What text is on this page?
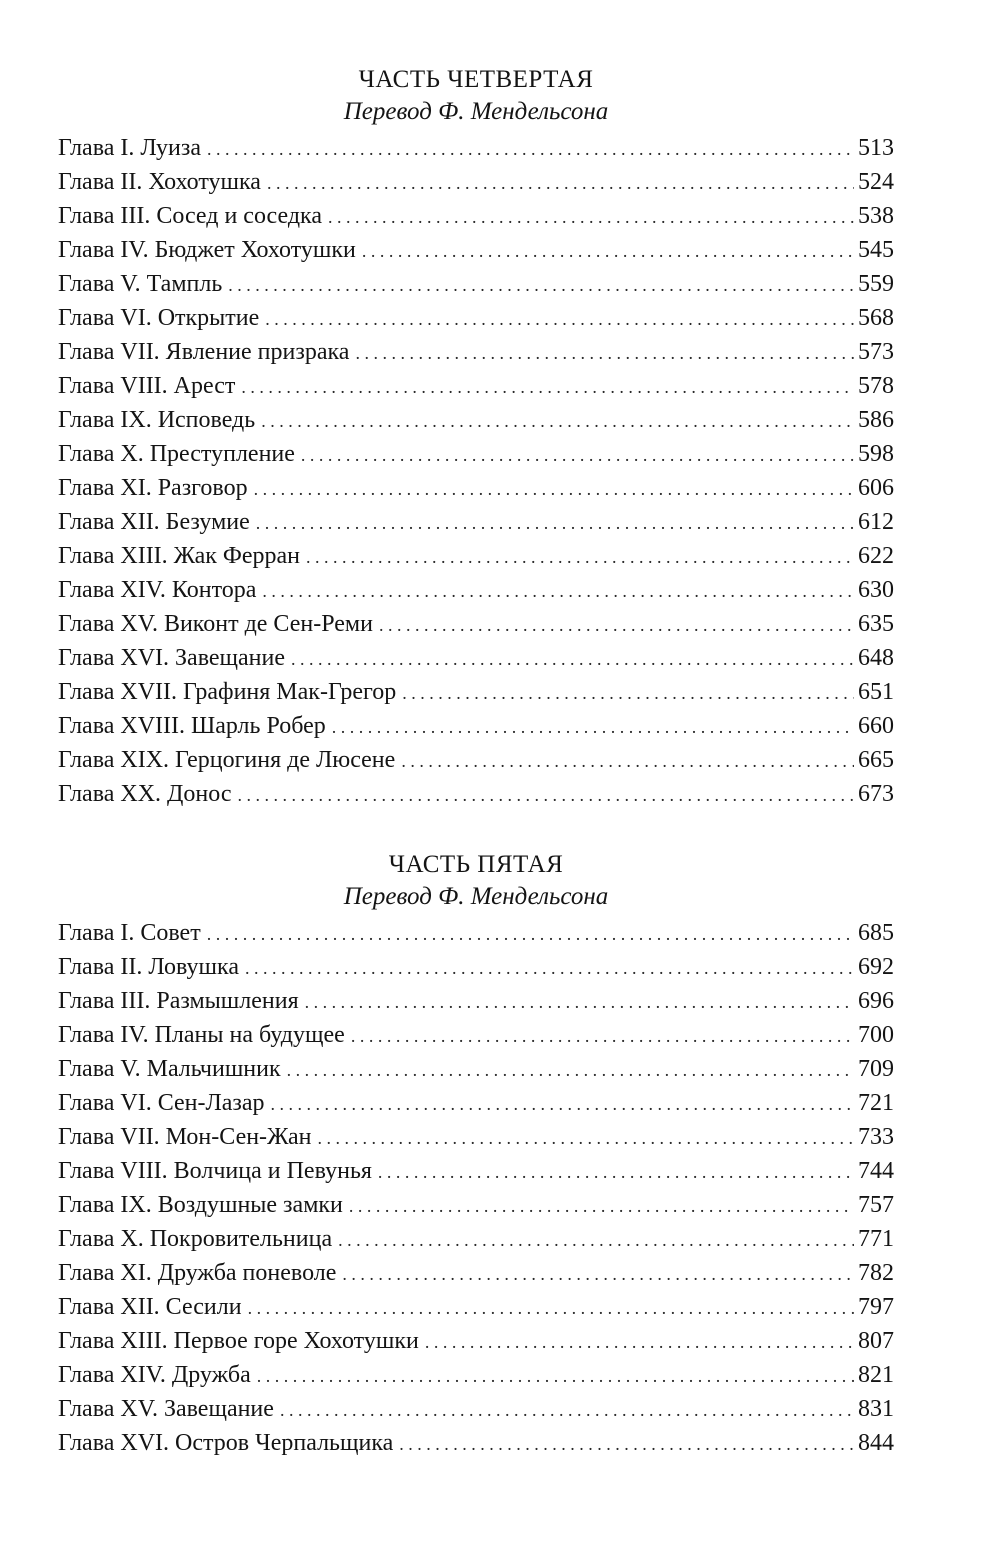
ЧАСТЬ ЧЕТВЕРТАЯ
Перевод Ф. Мендельсона
Глава I. Луиза . . .	513
Глава II. Хохотушка . . .	524
Глава III. Сосед и соседка . . .	538
Глава IV. Бюджет Хохотушки . . .	545
Глава V. Тампль . . .	559
Глава VI. Открытие . . .	568
Глава VII. Явление призрака . . .	573
Глава VIII. Арест . . .	578
Глава IX. Исповедь . . .	586
Глава X. Преступление . . .	598
Глава XI. Разговор . . .	606
Глава XII. Безумие . . .	612
Глава XIII. Жак Ферран . . .	622
Глава XIV. Контора . . .	630
Глава XV. Виконт де Сен-Реми . . .	635
Глава XVI. Завещание . . .	648
Глава XVII. Графиня Мак-Грегор . . .	651
Глава XVIII. Шарль Робер . . .	660
Глава XIX. Герцогиня де Люсене . . .	665
Глава XX. Донос . . .	673
ЧАСТЬ ПЯТАЯ
Перевод Ф. Мендельсона
Глава I. Совет . . .	685
Глава II. Ловушка . . .	692
Глава III. Размышления . . .	696
Глава IV. Планы на будущее . . .	700
Глава V. Мальчишник . . .	709
Глава VI. Сен-Лазар . . .	721
Глава VII. Мон-Сен-Жан . . .	733
Глава VIII. Волчица и Певунья . . .	744
Глава IX. Воздушные замки . . .	757
Глава X. Покровительница . . .	771
Глава XI. Дружба поневоле . . .	782
Глава XII. Сесили . . .	797
Глава XIII. Первое горе Хохотушки . . .	807
Глава XIV. Дружба . . .	821
Глава XV. Завещание . . .	831
Глава XVI. Остров Черпальщика . . .	844
